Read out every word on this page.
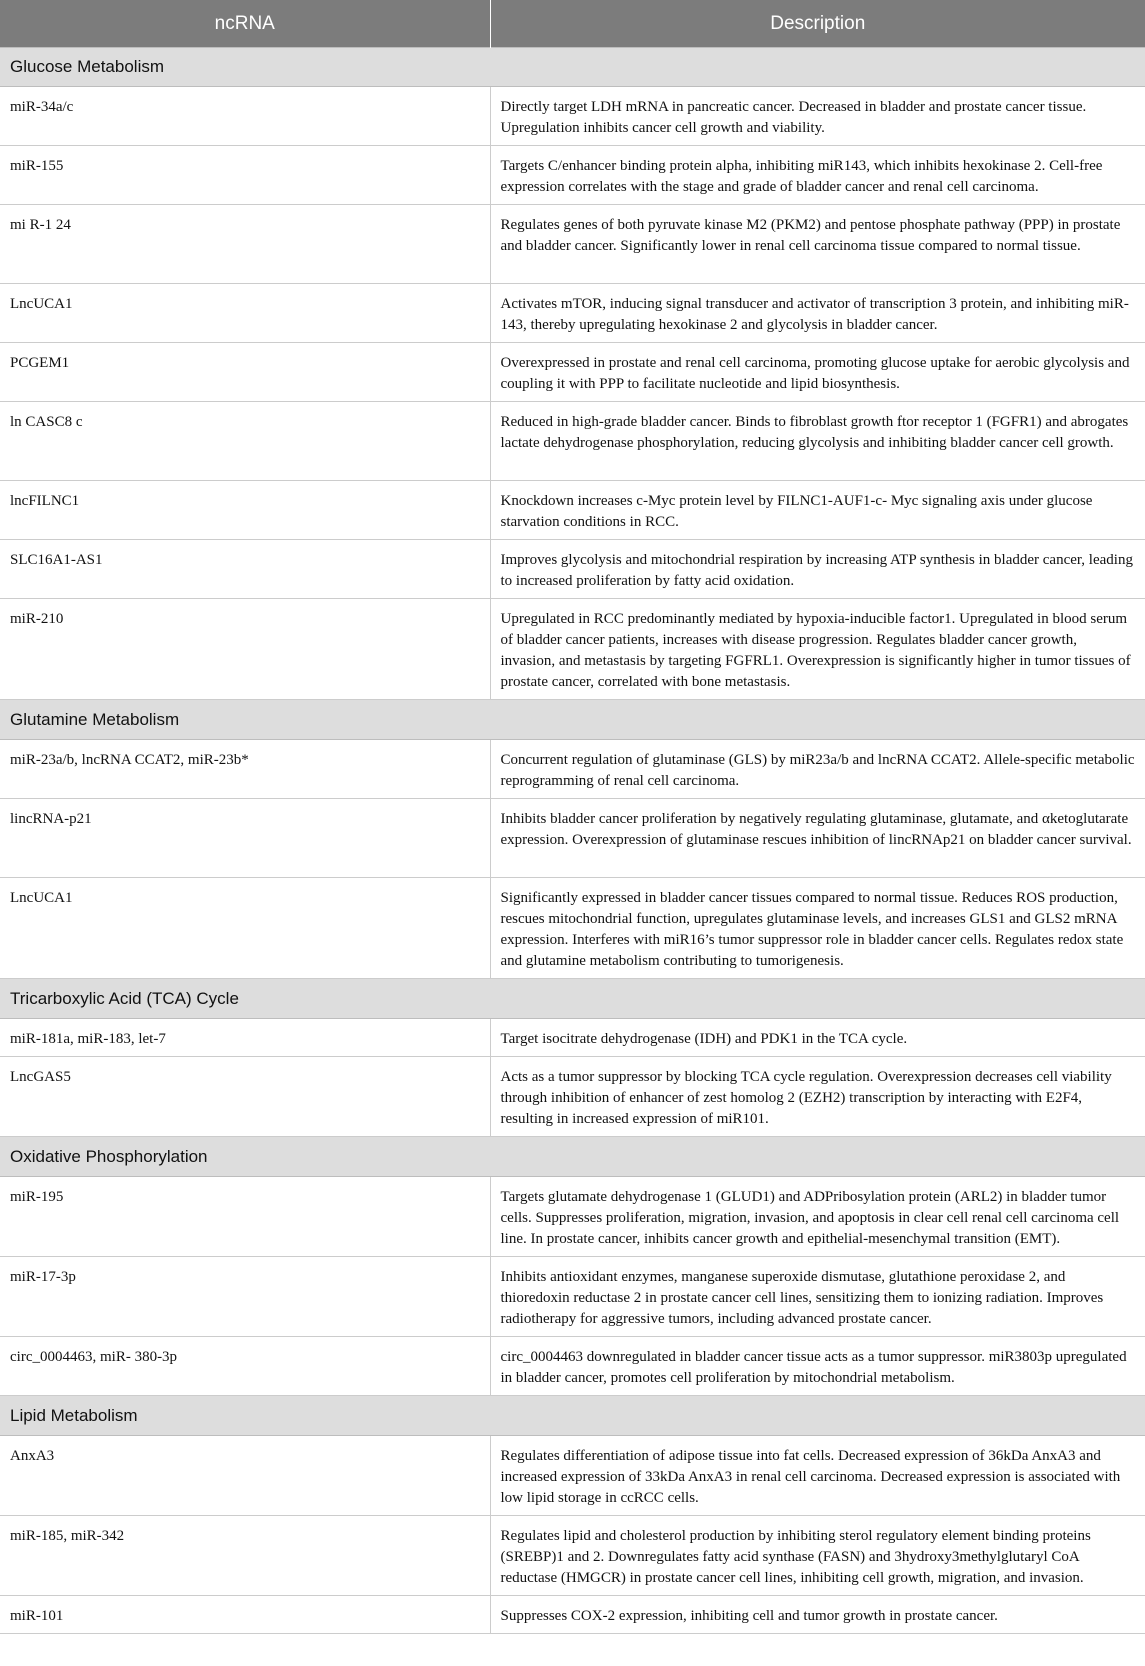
ncRNA	Description
Glucose Metabolism	
miR-34a/c	Directly target LDH mRNA in pancreatic cancer. Decreased in bladder and prostate cancer tissue. Upregulation inhibits cancer cell growth and viability.
miR-155	Targets C/enhancer binding protein alpha, inhibiting miR143, which inhibits hexokinase 2. Cell-free expression correlates with the stage and grade of bladder cancer and renal cell carcinoma.
mi R-1 24	Regulates genes of both pyruvate kinase M2 (PKM2) and pentose phosphate pathway (PPP) in prostate and bladder cancer. Significantly lower in renal cell carcinoma tissue compared to normal tissue.
LncUCA1	Activates mTOR, inducing signal transducer and activator of transcription 3 protein, and inhibiting miR-143, thereby upregulating hexokinase 2 and glycolysis in bladder cancer.
PCGEM1	Overexpressed in prostate and renal cell carcinoma, promoting glucose uptake for aerobic glycolysis and coupling it with PPP to facilitate nucleotide and lipid biosynthesis.
ln CASC8 c	Reduced in high-grade bladder cancer. Binds to fibroblast growth ftor receptor 1 (FGFR1) and abrogates lactate dehydrogenase phosphorylation, reducing glycolysis and inhibiting bladder cancer cell growth.
lncFILNC1	Knockdown increases c-Myc protein level by FILNC1-AUF1-c- Myc signaling axis under glucose starvation conditions in RCC.
SLC16A1-AS1	Improves glycolysis and mitochondrial respiration by increasing ATP synthesis in bladder cancer, leading to increased proliferation by fatty acid oxidation.
miR-210	Upregulated in RCC predominantly mediated by hypoxia-inducible factor1. Upregulated in blood serum of bladder cancer patients, increases with disease progression. Regulates bladder cancer growth, invasion, and metastasis by targeting FGFRL1. Overexpression is significantly higher in tumor tissues of prostate cancer, correlated with bone metastasis.
Glutamine Metabolism	
miR-23a/b, lncRNA CCAT2, miR-23b*	Concurrent regulation of glutaminase (GLS) by miR23a/b and lncRNA CCAT2. Allele-specific metabolic reprogramming of renal cell carcinoma.
lincRNA-p21	Inhibits bladder cancer proliferation by negatively regulating glutaminase, glutamate, and αketoglutarate expression. Overexpression of glutaminase rescues inhibition of lincRNAp21 on bladder cancer survival.
LncUCA1	Significantly expressed in bladder cancer tissues compared to normal tissue. Reduces ROS production, rescues mitochondrial function, upregulates glutaminase levels, and increases GLS1 and GLS2 mRNA expression. Interferes with miR16’s tumor suppressor role in bladder cancer cells. Regulates redox state and glutamine metabolism contributing to tumorigenesis.
Tricarboxylic Acid (TCA) Cycle	
miR-181a, miR-183, let-7	Target isocitrate dehydrogenase (IDH) and PDK1 in the TCA cycle.
LncGAS5	Acts as a tumor suppressor by blocking TCA cycle regulation. Overexpression decreases cell viability through inhibition of enhancer of zest homolog 2 (EZH2) transcription by interacting with E2F4, resulting in increased expression of miR101.
Oxidative Phosphorylation	
miR-195	Targets glutamate dehydrogenase 1 (GLUD1) and ADPribosylation protein (ARL2) in bladder tumor cells. Suppresses proliferation, migration, invasion, and apoptosis in clear cell renal cell carcinoma cell line. In prostate cancer, inhibits cancer growth and epithelial-mesenchymal transition (EMT).
miR-17-3p	Inhibits antioxidant enzymes, manganese superoxide dismutase, glutathione peroxidase 2, and thioredoxin reductase 2 in prostate cancer cell lines, sensitizing them to ionizing radiation. Improves radiotherapy for aggressive tumors, including advanced prostate cancer.
circ_0004463, miR- 380-3p	circ_0004463 downregulated in bladder cancer tissue acts as a tumor suppressor. miR3803p upregulated in bladder cancer, promotes cell proliferation by mitochondrial metabolism.
Lipid Metabolism	
AnxA3	Regulates differentiation of adipose tissue into fat cells. Decreased expression of 36kDa AnxA3 and increased expression of 33kDa AnxA3 in renal cell carcinoma. Decreased expression is associated with low lipid storage in ccRCC cells.
miR-185, miR-342	Regulates lipid and cholesterol production by inhibiting sterol regulatory element binding proteins (SREBP)1 and 2. Downregulates fatty acid synthase (FASN) and 3hydroxy3methylglutaryl CoA reductase (HMGCR) in prostate cancer cell lines, inhibiting cell growth, migration, and invasion.
miR-101	Suppresses COX-2 expression, inhibiting cell and tumor growth in prostate cancer.
